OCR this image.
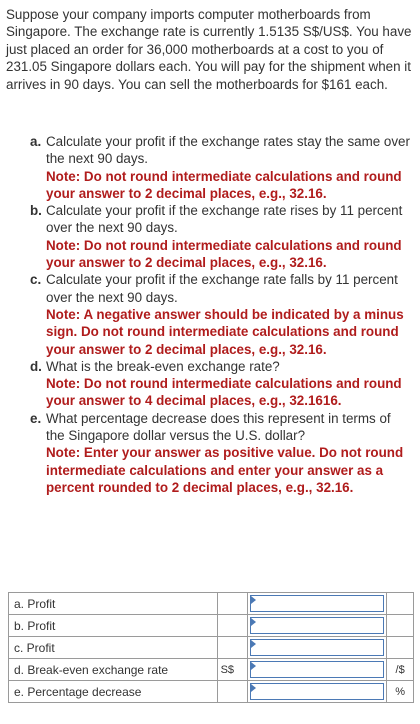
Suppose your company imports computer motherboards from Singapore. The exchange rate is currently 1.5135 S$/US$. You have just placed an order for 36,000 motherboards at a cost to you of 231.05 Singapore dollars each. You will pay for the shipment when it arrives in 90 days. You can sell the motherboards for $161 each.
a. Calculate your profit if the exchange rates stay the same over the next 90 days.
Note: Do not round intermediate calculations and round your answer to 2 decimal places, e.g., 32.16.
b. Calculate your profit if the exchange rate rises by 11 percent over the next 90 days.
Note: Do not round intermediate calculations and round your answer to 2 decimal places, e.g., 32.16.
c. Calculate your profit if the exchange rate falls by 11 percent over the next 90 days.
Note: A negative answer should be indicated by a minus sign. Do not round intermediate calculations and round your answer to 2 decimal places, e.g., 32.16.
d. What is the break-even exchange rate?
Note: Do not round intermediate calculations and round your answer to 4 decimal places, e.g., 32.1616.
e. What percentage decrease does this represent in terms of the Singapore dollar versus the U.S. dollar?
Note: Enter your answer as positive value. Do not round intermediate calculations and enter your answer as a percent rounded to 2 decimal places, e.g., 32.16.
a. Profit		

b. Profit		

c. Profit		

d. Break-even exchange rate	S$		/$
e. Percentage decrease			%
